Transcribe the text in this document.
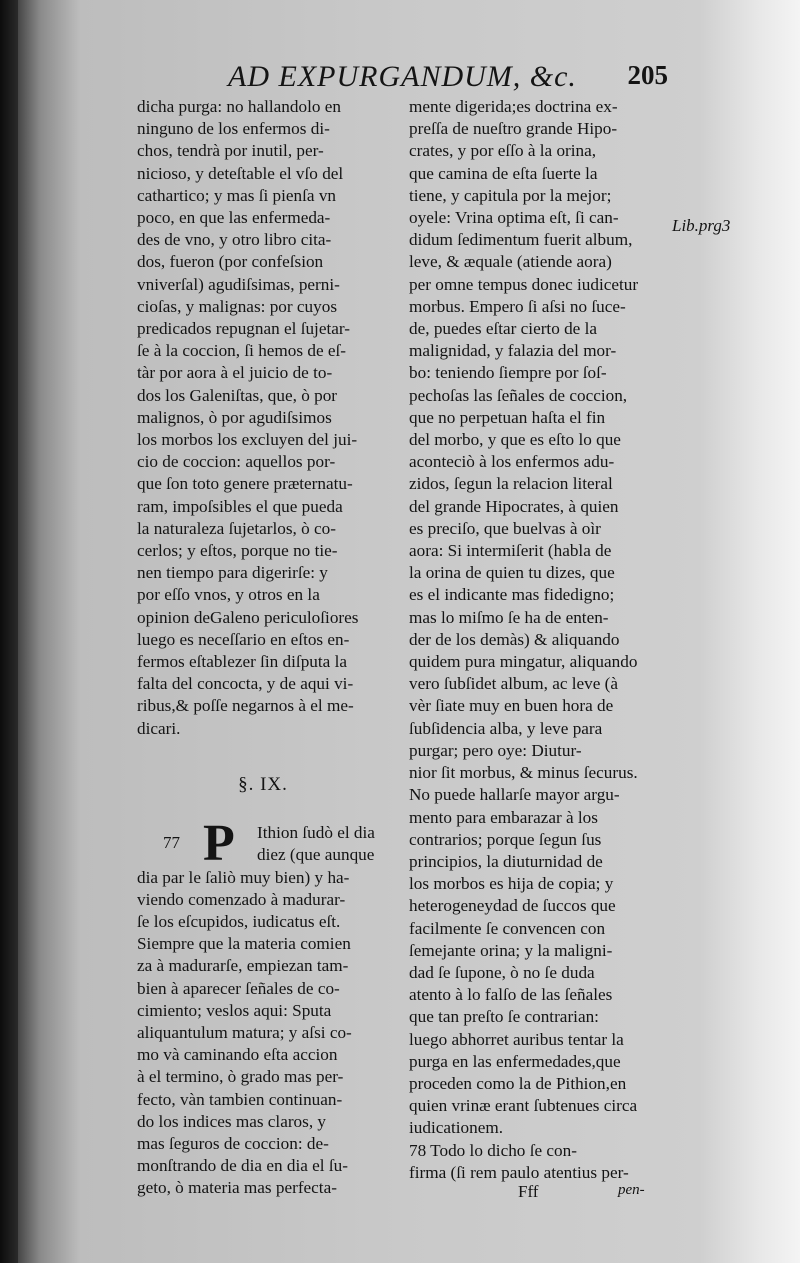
AD EXPURGANDUM, &c. 205

dicha purga: no hallandolo en
ninguno de los enfermos di-
chos, tendrà por inutil, per-
nicioso, y deteſtable el vſo del
cathartico; y mas ſi pienſa vn
poco, en que las enfermeda-
des de vno, y otro libro cita-
dos, fueron (por confeſsion
vniverſal) agudiſsimas, perni-
cioſas, y malignas: por cuyos
predicados repugnan el ſujetar-
ſe à la coccion, ſi hemos de eſ-
tàr por aora à el juicio de to-
dos los Galeniſtas, que, ò por
malignos, ò por agudiſsimos
los morbos los excluyen del jui-
cio de coccion: aquellos por-
que ſon toto genere præternatu-
ram, impoſsibles el que pueda
la naturaleza ſujetarlos, ò co-
cerlos; y eſtos, porque no tie-
nen tiempo para digerirſe: y
por eſſo vnos, y otros en la
opinion deGaleno periculoſiores
luego es neceſſario en eſtos en-
fermos eſtablezer ſin diſputa la
falta del concocta, y de aqui vi-
ribus,& poſſe negarnos à el me-
dicari.

§. IX.
77 P Ithion ſudò el dia
diez (que aunque

dia par le ſaliò muy bien) y ha-
viendo comenzado à madurar-
ſe los eſcupidos, iudicatus eſt.
Siempre que la materia comien
za à madurarſe, empiezan tam-
bien à aparecer ſeñales de co-
cimiento; veslos aqui: Sputa
aliquantulum matura; y aſsi co-
mo và caminando eſta accion
à el termino, ò grado mas per-
fecto, vàn tambien continuan-
do los indices mas claros, y
mas ſeguros de coccion: de-
monſtrando de dia en dia el ſu-
geto, ò materia mas perfecta-

mente digerida;es doctrina ex-
preſſa de nueſtro grande Hipo-
crates, y por eſſo à la orina,
que camina de eſta ſuerte la
tiene, y capitula por la mejor;
oyele: Vrina optima eſt, ſi can-
didum ſedimentum fuerit album,
leve, & æquale (atiende aora)
per omne tempus donec iudicetur
morbus. Empero ſi aſsi no ſuce-
de, puedes eſtar cierto de la
malignidad, y falazia del mor-
bo: teniendo ſiempre por ſoſ-
pechoſas las ſeñales de coccion,
que no perpetuan haſta el fin
del morbo, y que es eſto lo que
aconteciò à los enfermos adu-
zidos, ſegun la relacion literal
del grande Hipocrates, à quien
es preciſo, que buelvas à oìr
aora: Si intermiſerit (habla de
la orina de quien tu dizes, que
es el indicante mas fidedigno;
mas lo miſmo ſe ha de enten-
der de los demàs) & aliquando
quidem pura mingatur, aliquando
vero ſubſidet album, ac leve (à
vèr ſiate muy en buen hora de
ſubſidencia alba, y leve para
purgar; pero oye: Diutur-
nior ſit morbus, & minus ſecurus.
No puede hallarſe mayor argu-
mento para embarazar à los
contrarios; porque ſegun ſus
principios, la diuturnidad de
los morbos es hija de copia; y
heterogeneydad de ſuccos que
facilmente ſe convencen con
ſemejante orina; y la maligni-
dad ſe ſupone, ò no ſe duda
atento à lo falſo de las ſeñales
que tan preſto ſe contrarian:
luego abhorret auribus tentar la
purga en las enfermedades,que
proceden como la de Pithion,en
quien vrinæ erant ſubtenues circa
iudicationem.
78 Todo lo dicho ſe con-
firma (ſi rem paulo atentius per-

Lib.prg3
Fff	pen-
